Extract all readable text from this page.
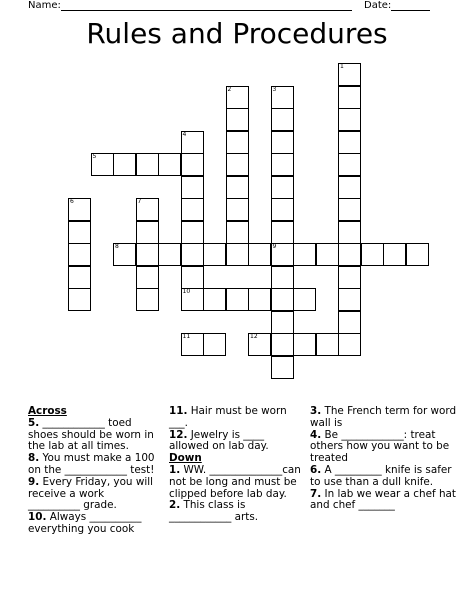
Name:	Date:
Rules and Procedures
1
2	3
9
4
10
5
6	7
8
11	12
Across
5. ____________ toed shoes should be worn in the lab at all times.
8. You must make a 100 on the ____________ test!
9. Every Friday, you will receive a work __________ grade.
10. Always __________ everything you cook
11. Hair must be worn ___.
12. Jewelry is ____ allowed on lab day.
Down
1. WW. ______________can not be long and must be clipped before lab day.
2. This class is ____________ arts.
3. The French term for word wall is
4. Be ____________: treat others how you want to be treated
6. A _________ knife is safer to use than a dull knife.
7. In lab we wear a chef hat and chef _______
